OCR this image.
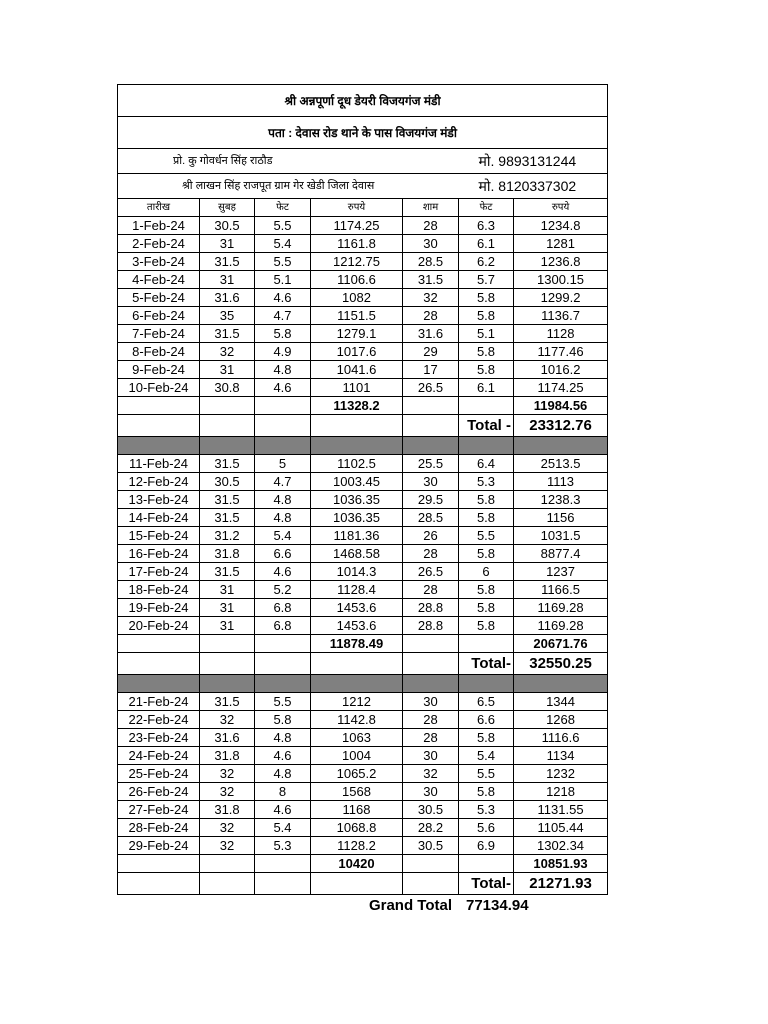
श्री अन्नपूर्णा दूध डेयरी विजयगंज मंडी						
पता : देवास रोड थाने के पास विजयगंज मंडी						
प्रो. कु गोवर्धन सिंह राठौड					मो. 9893131244	
श्री लाखन सिंह राजपूत ग्राम गेर खेडी जिला देवास					मो. 8120337302	
तारीख	सुबह	फेट	रुपये	शाम	फेट	रुपये
1-Feb-24	30.5	5.5	1174.25	28	6.3	1234.8
2-Feb-24	31	5.4	1161.8	30	6.1	1281
3-Feb-24	31.5	5.5	1212.75	28.5	6.2	1236.8
4-Feb-24	31	5.1	1106.6	31.5	5.7	1300.15
5-Feb-24	31.6	4.6	1082	32	5.8	1299.2
6-Feb-24	35	4.7	1151.5	28	5.8	1136.7
7-Feb-24	31.5	5.8	1279.1	31.6	5.1	1128
8-Feb-24	32	4.9	1017.6	29	5.8	1177.46
9-Feb-24	31	4.8	1041.6	17	5.8	1016.2
10-Feb-24	30.8	4.6	1101	26.5	6.1	1174.25
			11328.2			11984.56
					Total -	23312.76

11-Feb-24	31.5	5	1102.5	25.5	6.4	2513.5
12-Feb-24	30.5	4.7	1003.45	30	5.3	1113
13-Feb-24	31.5	4.8	1036.35	29.5	5.8	1238.3
14-Feb-24	31.5	4.8	1036.35	28.5	5.8	1156
15-Feb-24	31.2	5.4	1181.36	26	5.5	1031.5
16-Feb-24	31.8	6.6	1468.58	28	5.8	8877.4
17-Feb-24	31.5	4.6	1014.3	26.5	6	1237
18-Feb-24	31	5.2	1128.4	28	5.8	1166.5
19-Feb-24	31	6.8	1453.6	28.8	5.8	1169.28
20-Feb-24	31	6.8	1453.6	28.8	5.8	1169.28
			11878.49			20671.76
					Total-	32550.25

21-Feb-24	31.5	5.5	1212	30	6.5	1344
22-Feb-24	32	5.8	1142.8	28	6.6	1268
23-Feb-24	31.6	4.8	1063	28	5.8	1116.6
24-Feb-24	31.8	4.6	1004	30	5.4	1134
25-Feb-24	32	4.8	1065.2	32	5.5	1232
26-Feb-24	32	8	1568	30	5.8	1218
27-Feb-24	31.8	4.6	1168	30.5	5.3	1131.55
28-Feb-24	32	5.4	1068.8	28.2	5.6	1105.44
29-Feb-24	32	5.3	1128.2	30.5	6.9	1302.34
			10420			10851.93
					Total-	21271.93
Grand Total	77134.94
